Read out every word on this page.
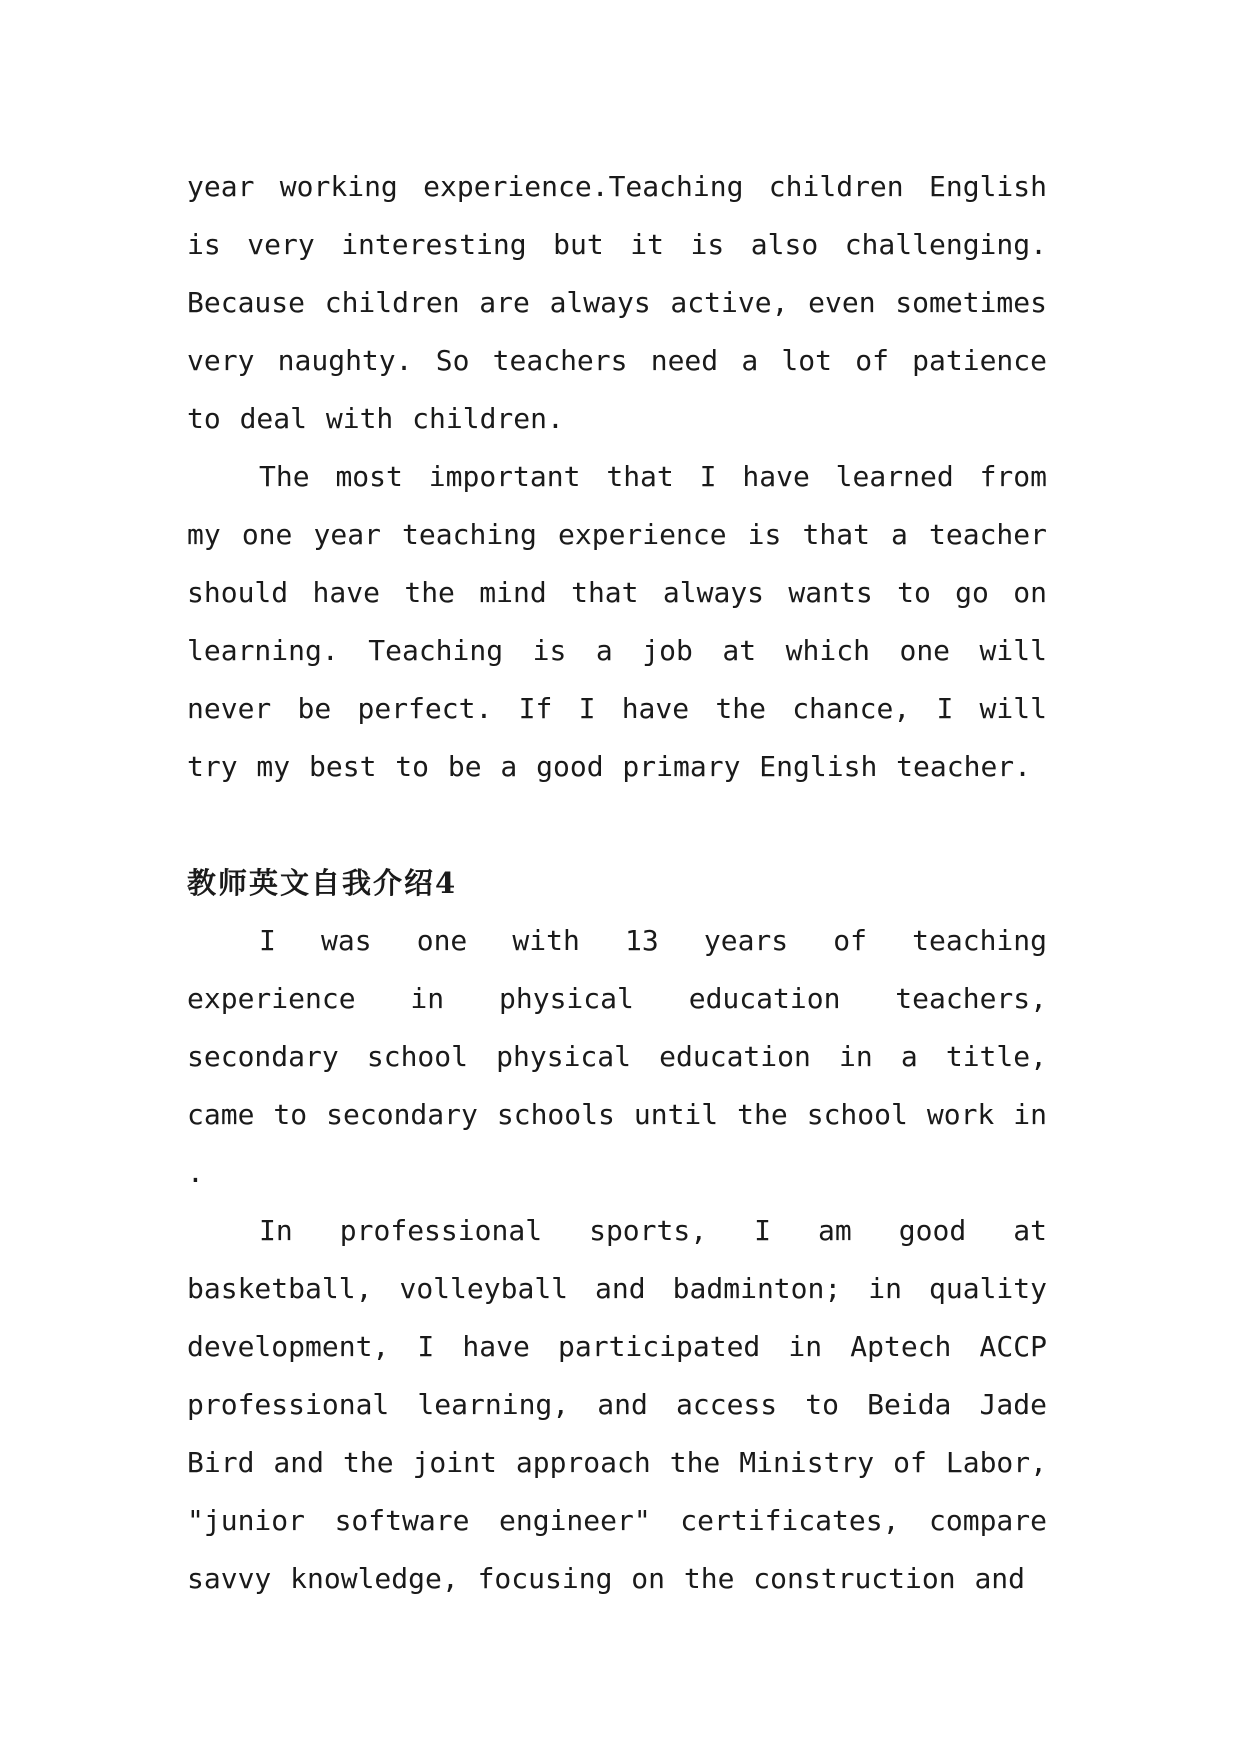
year working experience.Teaching children English is very interesting but it is also challenging. Because children are always active, even sometimes very naughty. So teachers need a lot of patience to deal with children.

The most important that I have learned from my one year teaching experience is that a teacher should have the mind that always wants to go on learning. Teaching is a job at which one will never be perfect. If I have the chance, I will try my best to be a good primary English teacher.

教师英文自我介绍4

I was one with 13 years of teaching experience in physical education teachers, secondary school physical education in a title, came to secondary schools until the school work in .

In professional sports, I am good at basketball, volleyball and badminton; in quality development, I have participated in Aptech ACCP professional learning, and access to Beida Jade Bird and the joint approach the Ministry of Labor, "junior software engineer" certificates, compare savvy knowledge, focusing on the construction and
